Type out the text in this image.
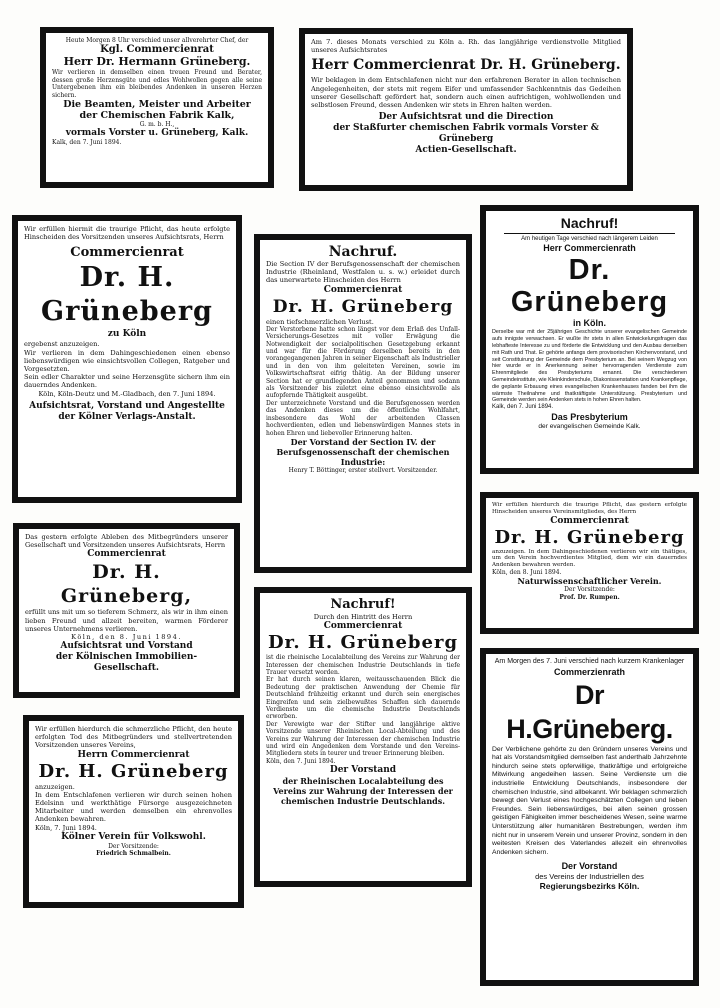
Heute Morgen 8 Uhr verschied unser allverehrter Chef, der

Kgl. Commercienrat

Herr Dr. Hermann Grüneberg.

Wir verlieren in demselben einen treuen Freund und Berater, dessen große Herzensgüte und edles Wohlwollen gegen alle seine Untergebenen ihm ein bleibendes Andenken in unseren Herzen sichern.

Die Beamten, Meister und Arbeiter

der Chemischen Fabrik Kalk,

G. m. b. H.,

vormals Vorster u. Grüneberg, Kalk.

Kalk, den 7. Juni 1894.

Am 7. dieses Monats verschied zu Köln a. Rh. das langjährige verdienstvolle Mitglied unseres Aufsichtsrates

Herr Commercienrat Dr. H. Grüneberg.

Wir beklagen in dem Entschlafenen nicht nur den erfahrenen Berater in allen technischen Angelegenheiten, der stets mit regem Eifer und umfassender Sachkenntnis das Gedeihen unserer Gesellschaft gefördert hat, sondern auch einen aufrichtigen, wohlwollenden und selbstlosen Freund, dessen Andenken wir stets in Ehren halten werden.

Der Aufsichtsrat und die Direction

der Staßfurter chemischen Fabrik vormals Vorster & Grüneberg

Actien-Gesellschaft.

Wir erfüllen hiermit die traurige Pflicht, das heute erfolgte Hinscheiden des Vorsitzenden unseres Aufsichtsrats, Herrn

Commercienrat

Dr. H. Grüneberg

zu Köln

ergebenst anzuzeigen.

Wir verlieren in dem Dahingeschiedenen einen ebenso liebenswürdigen wie einsichtsvollen Collegen, Ratgeber und Vorgesetzten.

Sein edler Charakter und seine Herzensgüte sichern ihm ein dauerndes Andenken.

Köln, Köln-Deutz und M.-Gladbach, den 7. Juni 1894.

Aufsichtsrat, Vorstand und Angestellte

der Kölner Verlags-Anstalt.

Nachruf.

Die Section IV der Berufsgenossenschaft der chemischen Industrie (Rheinland, Westfalen u. s. w.) erleidet durch das unerwartete Hinscheiden des Herrn

Commercienrat

Dr. H. Grüneberg

einen tiefschmerzlichen Verlust.

Der Verstorbene hatte schon längst vor dem Erlaß des Unfall-Versicherungs-Gesetzes mit voller Erwägung die Notwendigkeit der socialpolitischen Gesetzgebung erkannt und war für die Förderung derselben bereits in den vorangegangenen Jahren in seiner Eigenschaft als Industrieller und in den von ihm geleiteten Vereinen, sowie im Volkswirtschaftsrat eifrig thätig. An der Bildung unserer Section hat er grundlegenden Anteil genommen und sodann als Vorsitzender bis zuletzt eine ebenso einsichtsvolle als aufopfernde Thätigkeit ausgeübt.

Der unterzeichnete Vorstand und die Berufsgenossen werden das Andenken dieses um die öffentliche Wohlfahrt, insbesondere das Wohl der arbeitenden Classen hochverdienten, edlen und liebenswürdigen Mannes stets in hohen Ehren und liebevoller Erinnerung halten.

Der Vorstand der Section IV. der Berufsgenossenschaft der chemischen Industrie:

Henry T. Böttinger, erster stellvert. Vorsitzender.

Nachruf!

Am heutigen Tage verschied nach längerem Leiden

Herr Commercienrath

Dr. Grüneberg

in Köln.

Derselbe war mit der 25jährigen Geschichte unserer evangelischen Gemeinde aufs innigste verwachsen. Er wußte ihr stets in allen Entwickelungsfragen das lebhafteste Interesse zu und förderte die Entwicklung und den Ausbau derselben mit Rath und That. Er gehörte anfangs dem provisorischen Kirchenvorstand, und seit Constituirung der Gemeinde dem Presbyterium an. Bei seinem Wegzug von hier wurde er in Anerkennung seiner hervorragenden Verdienste zum Ehrenmitgliede des Presbyteriums ernannt. Die verschiedenen Gemeindeinstitute, wie Kleinkinderschule, Diakonissenstation und Krankenpflege, die geplante Erbauung eines evangelischen Krankenhauses fanden bei ihm die wärmste Theilnahme und thatkräftigste Unterstützung. Presbyterium und Gemeinde werden sein Andenken stets in hohen Ehren halten.

Kalk, den 7. Juni 1894.

Das Presbyterium

der evangelischen Gemeinde Kalk.

Wir erfüllen hierdurch die traurige Pflicht, das gestern erfolgte Hinscheiden unseres Vereinsmitgliedes, des Herrn

Commercienrat

Dr. H. Grüneberg

anzuzeigen. In dem Dahingeschiedenen verlieren wir ein thätiges, um den Verein hochverdientes Mitglied, dem wir ein dauerndes Andenken bewahren werden.

Köln, den 8. Juni 1894.

Naturwissenschaftlicher Verein.

Der Vorsitzende:

Prof. Dr. Rumpen.

Das gestern erfolgte Ableben des Mitbegründers unserer Gesellschaft und Vorsitzenden unseres Aufsichtsrats, Herrn

Commercienrat

Dr. H. Grüneberg,

erfüllt uns mit um so tieferem Schmerz, als wir in ihm einen lieben Freund und allzeit bereiten, warmen Förderer unseres Unternehmens verlieren.

Köln, den 8. Juni 1894.

Aufsichtsrat und Vorstand

der Kölnischen Immobilien-Gesellschaft.

Nachruf!

Durch den Hintritt des Herrn

Commercienrat

Dr. H. Grüneberg

ist die rheinische Localabteilung des Vereins zur Wahrung der Interessen der chemischen Industrie Deutschlands in tiefe Trauer versetzt worden.

Er hat durch seinen klaren, weitausschauenden Blick die Bedeutung der praktischen Anwendung der Chemie für Deutschland frühzeitig erkannt und durch sein energisches Eingreifen und sein zielbewußtes Schaffen sich dauernde Verdienste um die chemische Industrie Deutschlands erworben.

Der Verewigte war der Stifter und langjährige aktive Vorsitzende unserer Rheinischen Local-Abteilung und des Vereins zur Wahrung der Interessen der chemischen Industrie und wird ein Angedenken dem Vorstande und den Vereins-Mitgliedern stets in teurer und treuer Erinnerung bleiben.

Köln, den 7. Juni 1894.

Der Vorstand

der Rheinischen Localabteilung des Vereins zur Wahrung der Interessen der chemischen Industrie Deutschlands.

Wir erfüllen hierdurch die schmerzliche Pflicht, den heute erfolgten Tod des Mitbegründers und stellvertretenden Vorsitzenden unseres Vereins,

Herrn Commercienrat

Dr. H. Grüneberg

anzuzeigen.

In dem Entschlafenen verlieren wir durch seinen hohen Edelsinn und werkthätige Fürsorge ausgezeichneten Mitarbeiter und werden demselben ein ehrenvolles Andenken bewahren.

Köln, 7. Juni 1894.

Kölner Verein für Volkswohl.

Der Vorsitzende:

Friedrich Schmalbein.

Am Morgen des 7. Juni verschied nach kurzem Krankenlager

Commerzienrath

Dr H.Grüneberg.

Der Verblichene gehörte zu den Gründern unseres Vereins und hat als Vorstandsmitglied demselben fast anderthalb Jahrzehnte hindurch seine stets opferwillige, thatkräftige und erfolgreiche Mitwirkung angedeihen lassen. Seine Verdienste um die industrielle Entwicklung Deutschlands, insbesondere der chemischen Industrie, sind allbekannt. Wir beklagen schmerzlich bewegt den Verlust eines hochgeschätzten Collegen und lieben Freundes. Sein liebenswürdiges, bei allen seinen grossen geistigen Fähigkeiten immer bescheidenes Wesen, seine warme Unterstützung aller humanitären Bestrebungen, werden ihm nicht nur in unserem Verein und unserer Provinz, sondern in den weitesten Kreisen des Vaterlandes allezeit ein ehrenvolles Andenken sichern.

Der Vorstand

des Vereins der Industriellen des

Regierungsbezirks Köln.
